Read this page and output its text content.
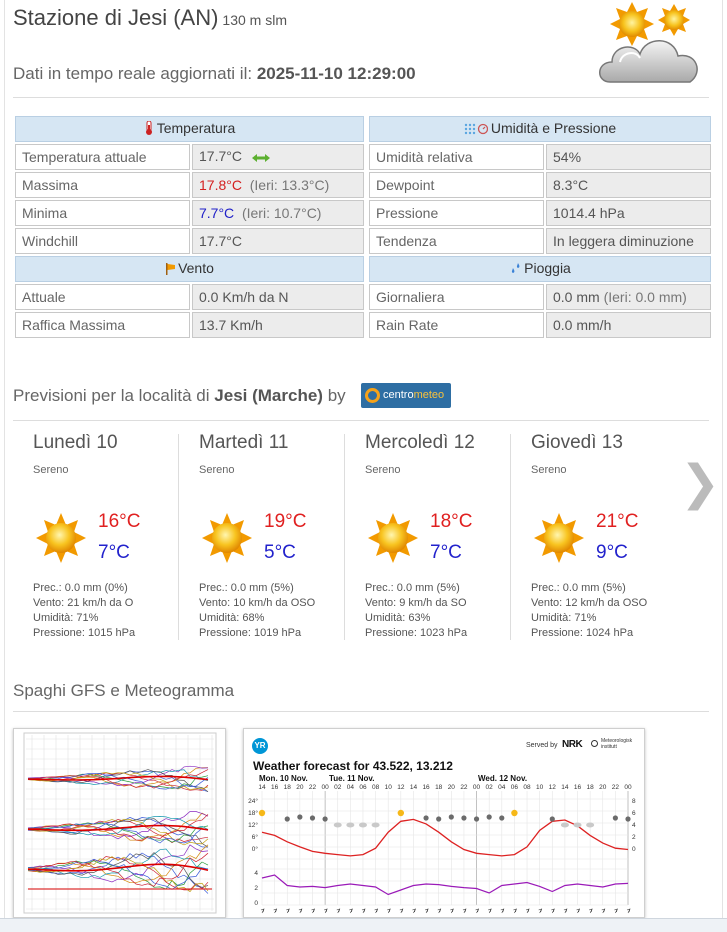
Stazione di Jesi (AN) 130 m slm
Dati in tempo reale aggiornati il: 2025-11-10 12:29:00
Temperatura	
Temperatura attuale	17.7°C
Massima	17.8°C (Ieri: 13.3°C)
Minima	7.7°C (Ieri: 10.7°C)
Windchill	17.7°C
Vento	
Attuale	0.0 Km/h da N
Raffica Massima	13.7 Km/h
Umidità e Pressione	
Umidità relativa	54%
Dewpoint	8.3°C
Pressione	1014.4 hPa
Tendenza	In leggera diminuzione
Pioggia	
Giornaliera	0.0 mm (Ieri: 0.0 mm)
Rain Rate	0.0 mm/h
Previsioni per la località di Jesi (Marche) by	centrometeo
Lunedì 10
Sereno
16°C
7°C
Prec.: 0.0 mm (0%)
Vento: 21 km/h da O
Umidità: 71%
Pressione: 1015 hPa
Martedì 11
Sereno
19°C
5°C
Prec.: 0.0 mm (5%)
Vento: 10 km/h da OSO
Umidità: 68%
Pressione: 1019 hPa
Mercoledì 12
Sereno
18°C
7°C
Prec.: 0.0 mm (5%)
Vento: 9 km/h da SO
Umidità: 63%
Pressione: 1023 hPa
Giovedì 13
Sereno
21°C
9°C
Prec.: 0.0 mm (5%)
Vento: 12 km/h da OSO
Umidità: 71%
Pressione: 1024 hPa
❯
Spaghi GFS e Meteogramma
YR	Served by NRK	Meteorologisk institutt
Weather forecast for 43.522, 13.212
Mon. 10 Nov.	Tue. 11 Nov.	Wed. 12 Nov.
14 16 18 20 22 00 02 04 06 08 10 12 14 16 18 20 22 00 02 04 06 08 10 12 14 16 18 20 22 00
24°
18°
12°
6°
0°
8
6
4
2
0
4
2
0
